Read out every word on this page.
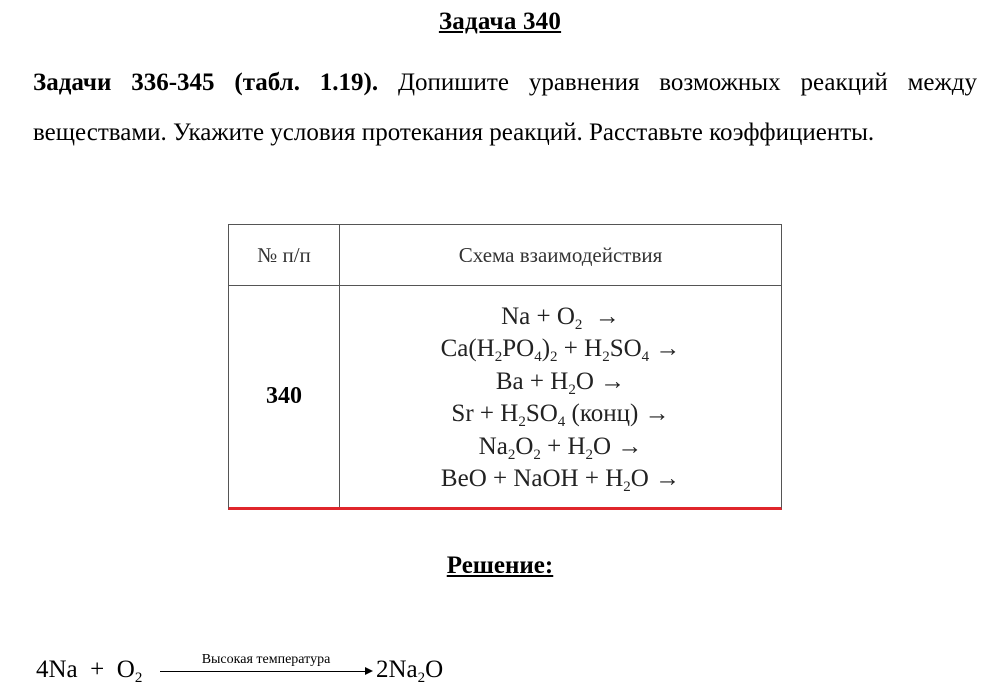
Задача 340
Задачи 336-345 (табл. 1.19). Допишите уравнения возможных реакций между веществами. Укажите условия протекания реакций. Расставьте коэффициенты.
№ п/п	Схема взаимодействия
340
$Na + O_2$  →
$Ca(H_2PO_4)_2 + H_2SO_4$ →
$Ba + H_2O$ →
$Sr + H_2SO_4$ (конц) →
$Na_2O_2 + H_2O$ →
BeO + NaOH + $H_2O$ →
Решение:
$4Na + O_2$
Высокая температура	$2Na_2O$
